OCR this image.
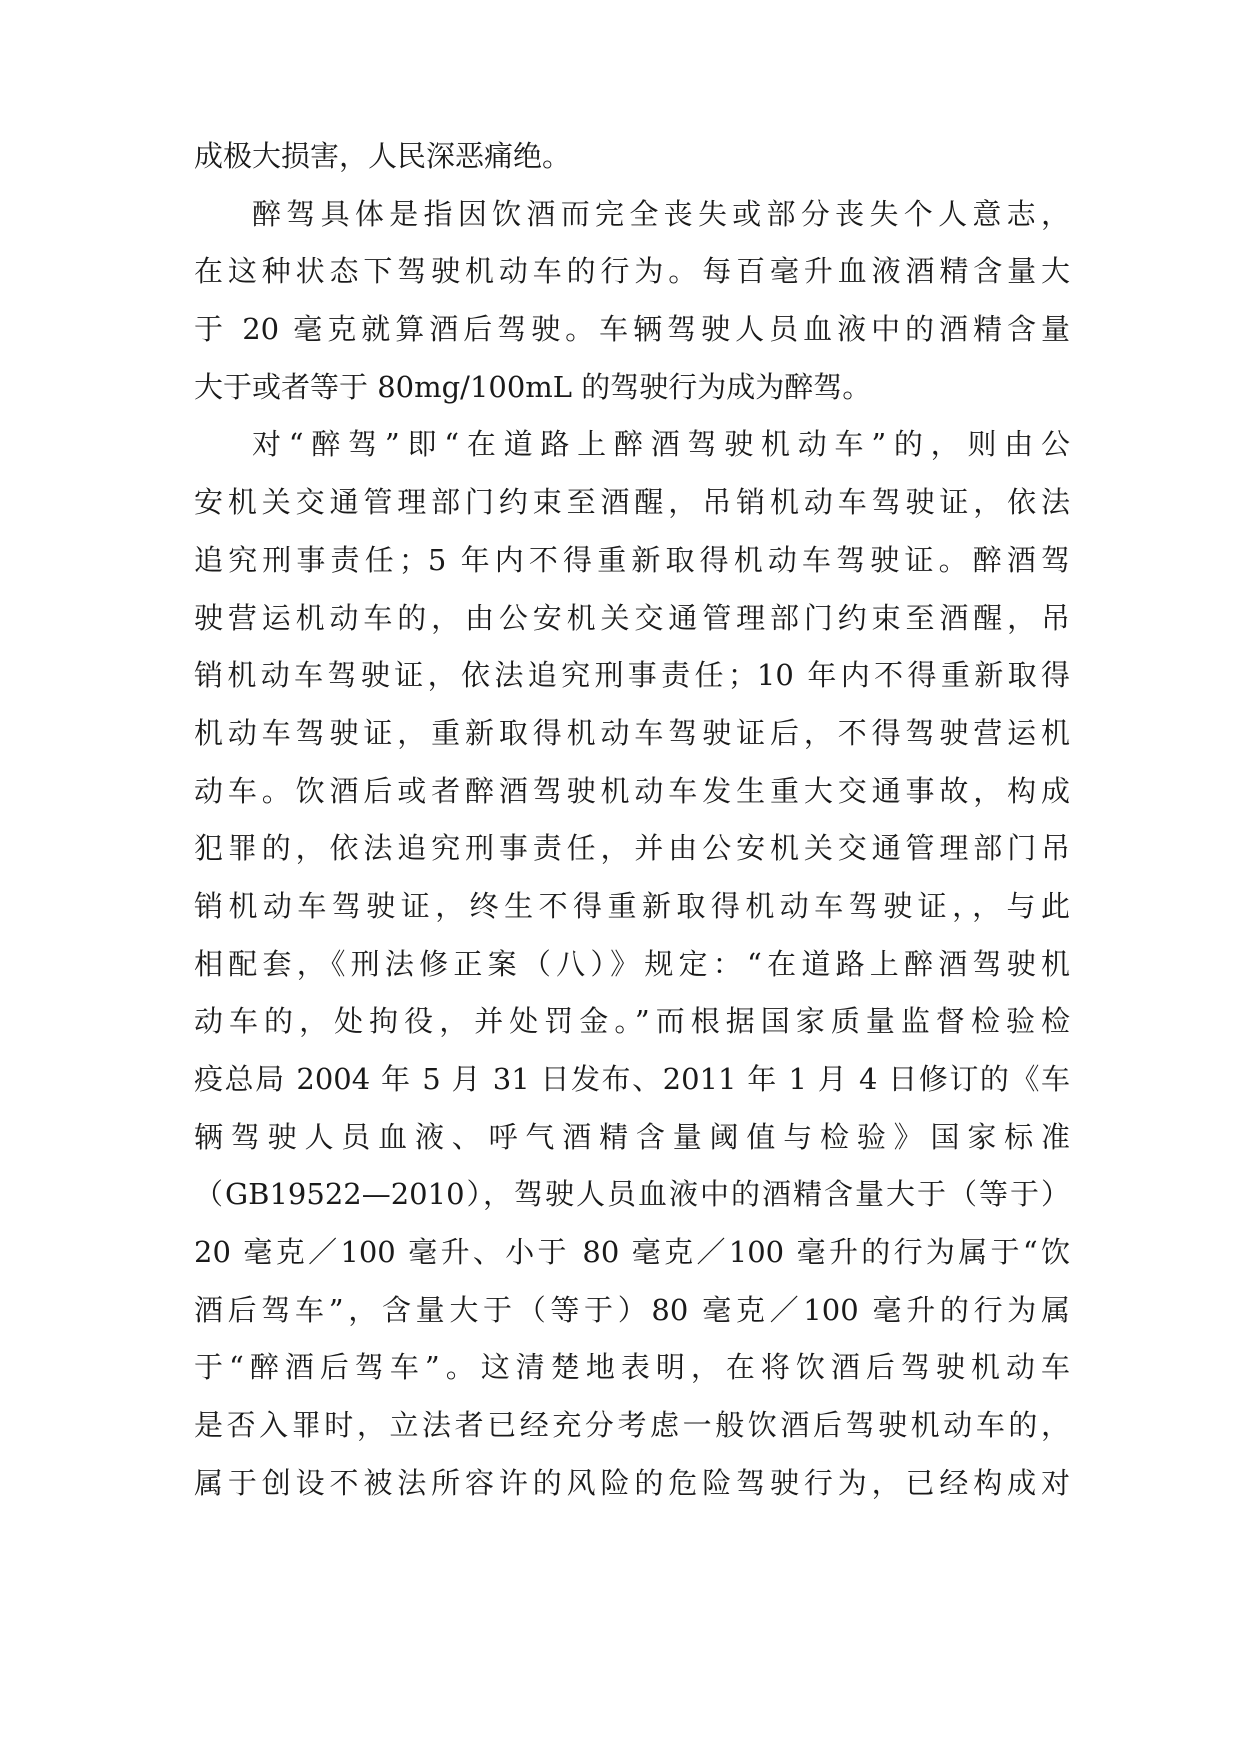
成极大损害，人民深恶痛绝。
醉驾具体是指因饮酒而完全丧失或部分丧失个人意志，
在这种状态下驾驶机动车的行为。每百毫升血液酒精含量大
于 20 毫克就算酒后驾驶。车辆驾驶人员血液中的酒精含量
大于或者等于 80mg/100mL 的驾驶行为成为醉驾。
对“醉驾”即“在道路上醉酒驾驶机动车”的，则由公
安机关交通管理部门约束至酒醒，吊销机动车驾驶证，依法
追究刑事责任；5 年内不得重新取得机动车驾驶证。醉酒驾
驶营运机动车的，由公安机关交通管理部门约束至酒醒，吊
销机动车驾驶证，依法追究刑事责任；10 年内不得重新取得
机动车驾驶证，重新取得机动车驾驶证后，不得驾驶营运机
动车。饮酒后或者醉酒驾驶机动车发生重大交通事故，构成
犯罪的，依法追究刑事责任，并由公安机关交通管理部门吊
销机动车驾驶证，终生不得重新取得机动车驾驶证，，与此
相配套，《刑法修正案（八）》规定：“在道路上醉酒驾驶机
动车的，处拘役，并处罚金。”而根据国家质量监督检验检
疫总局 2004 年 5 月 31 日发布、2011 年 1 月 4 日修订的《车
辆驾驶人员血液、呼气酒精含量阈值与检验》国家标准
（GB19522—2010），驾驶人员血液中的酒精含量大于（等于）
20 毫克／100 毫升、小于 80 毫克／100 毫升的行为属于“饮
酒后驾车”，含量大于（等于）80 毫克／100 毫升的行为属
于“醉酒后驾车”。这清楚地表明，在将饮酒后驾驶机动车
是否入罪时，立法者已经充分考虑一般饮酒后驾驶机动车的，
属于创设不被法所容许的风险的危险驾驶行为，已经构成对
